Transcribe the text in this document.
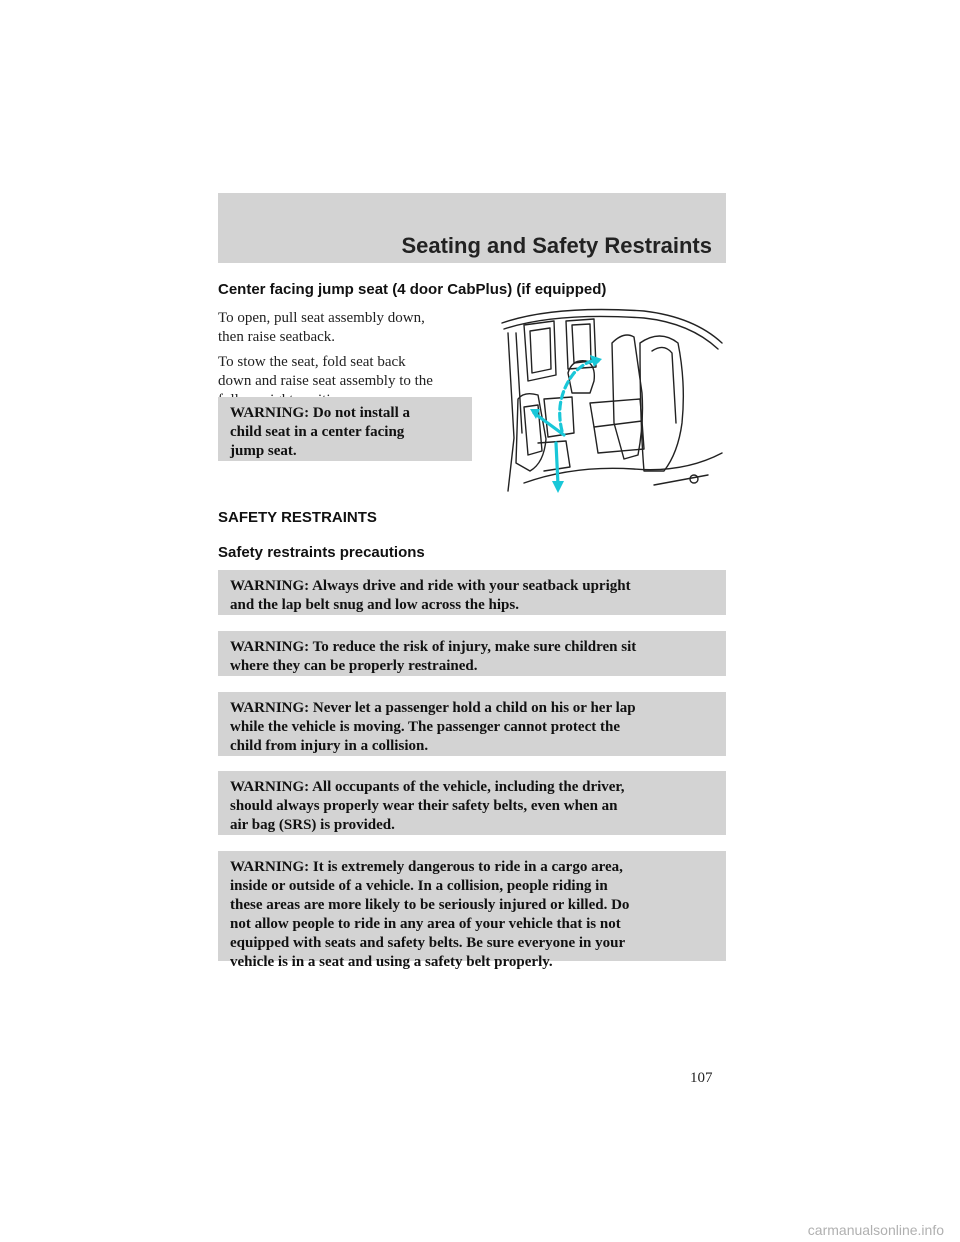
Seating and Safety Restraints
Center facing jump seat (4 door CabPlus) (if equipped)
To open, pull seat assembly down,
then raise seatback.
To stow the seat, fold seat back
down and raise seat assembly to the
WARNING: Do not install a
child seat in a center facing
jump seat.
SAFETY RESTRAINTS
Safety restraints precautions
WARNING: Always drive and ride with your seatback upright
and the lap belt snug and low across the hips.
WARNING: To reduce the risk of injury, make sure children sit
where they can be properly restrained.
WARNING: Never let a passenger hold a child on his or her lap
while the vehicle is moving. The passenger cannot protect the
child from injury in a collision.
WARNING: All occupants of the vehicle, including the driver,
should always properly wear their safety belts, even when an
air bag (SRS) is provided.
WARNING: It is extremely dangerous to ride in a cargo area,
inside or outside of a vehicle. In a collision, people riding in
these areas are more likely to be seriously injured or killed. Do
not allow people to ride in any area of your vehicle that is not
equipped with seats and safety belts. Be sure everyone in your
vehicle is in a seat and using a safety belt properly.
107
carmanualsonline.info
